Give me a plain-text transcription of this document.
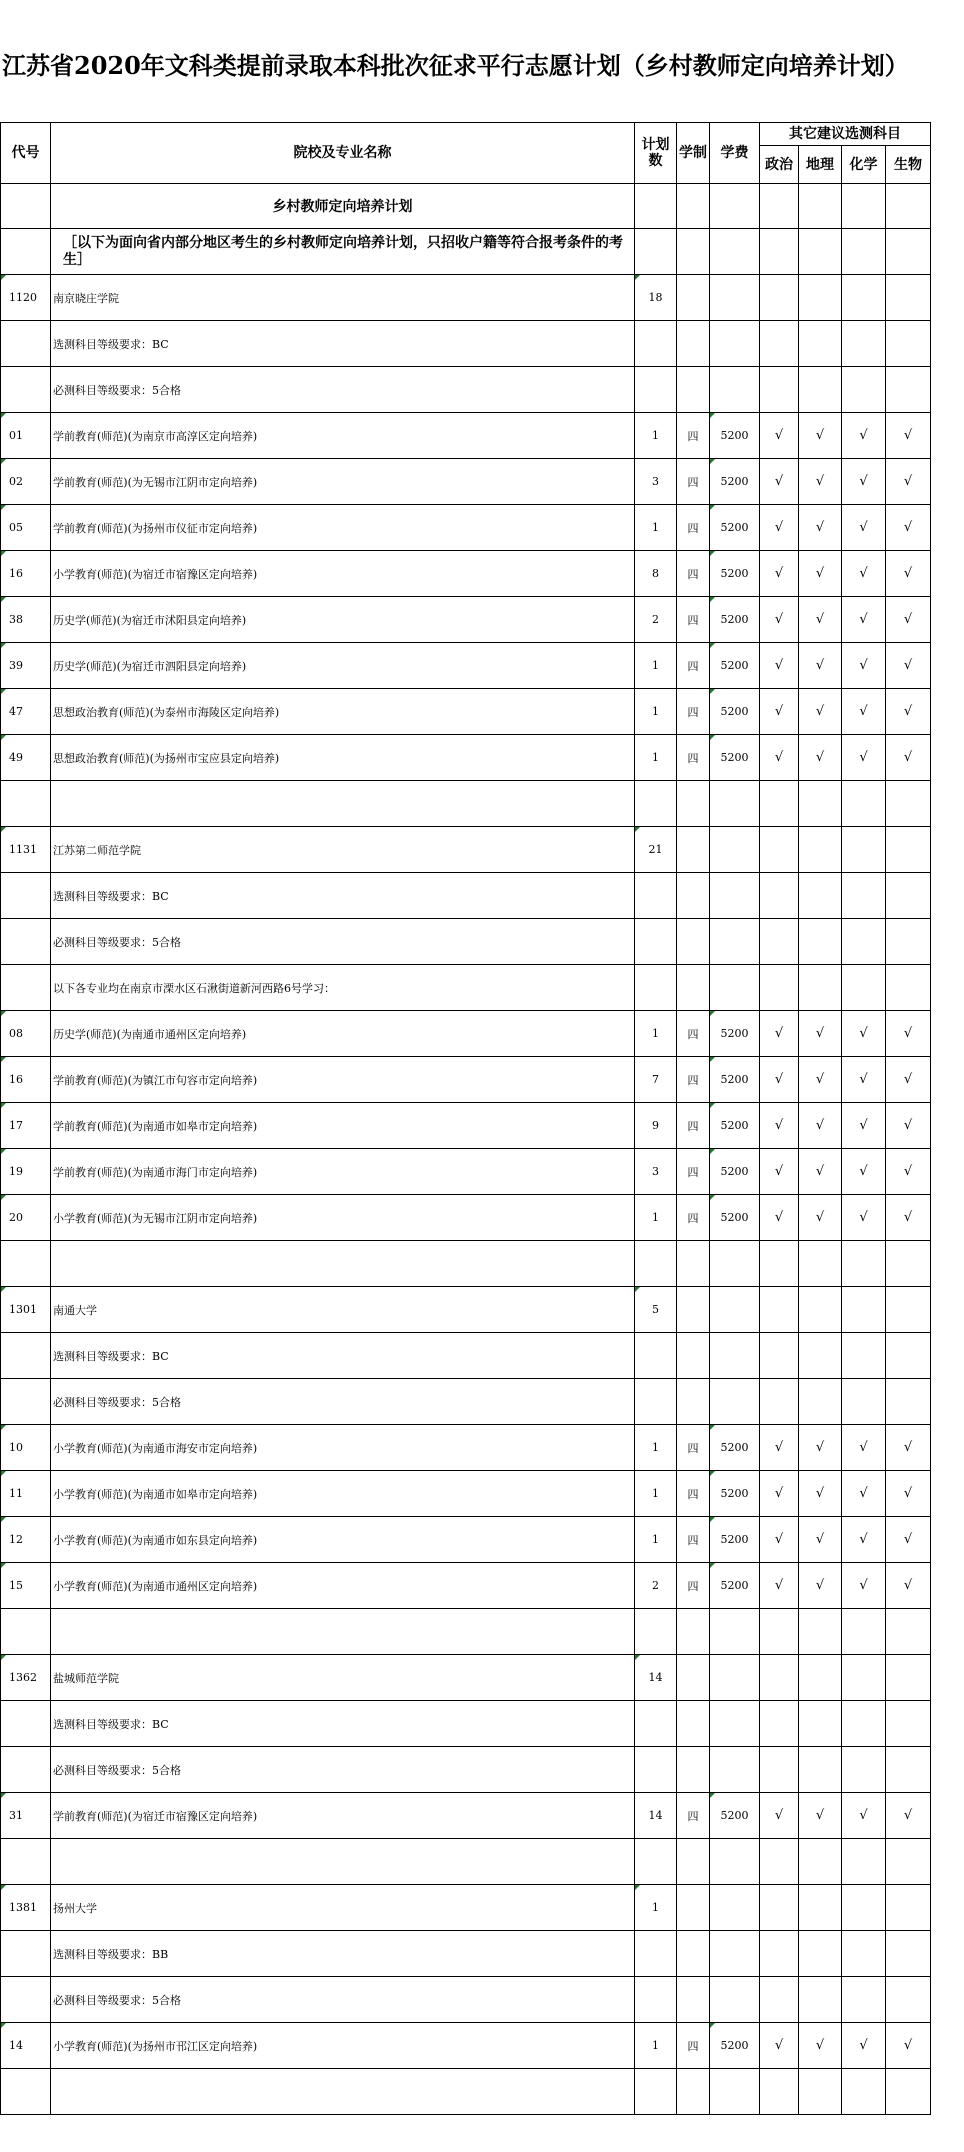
江苏省2020年文科类提前录取本科批次征求平行志愿计划（乡村教师定向培养计划）
代号	院校及专业名称	计划数	学制	学费	其它建议选测科目			
					政治	地理	化学	生物
	乡村教师定向培养计划							
	［以下为面向省内部分地区考生的乡村教师定向培养计划，只招收户籍等符合报考条件的考生］							
1120	南京晓庄学院	18						
	选测科目等级要求：BC							
	必测科目等级要求：5合格							
01	学前教育(师范)(为南京市高淳区定向培养)	1	四	5200	√	√	√	√
02	学前教育(师范)(为无锡市江阴市定向培养)	3	四	5200	√	√	√	√
05	学前教育(师范)(为扬州市仪征市定向培养)	1	四	5200	√	√	√	√
16	小学教育(师范)(为宿迁市宿豫区定向培养)	8	四	5200	√	√	√	√
38	历史学(师范)(为宿迁市沭阳县定向培养)	2	四	5200	√	√	√	√
39	历史学(师范)(为宿迁市泗阳县定向培养)	1	四	5200	√	√	√	√
47	思想政治教育(师范)(为泰州市海陵区定向培养)	1	四	5200	√	√	√	√
49	思想政治教育(师范)(为扬州市宝应县定向培养)	1	四	5200	√	√	√	√

1131	江苏第二师范学院	21						
	选测科目等级要求：BC							
	必测科目等级要求：5合格							
	以下各专业均在南京市溧水区石湫街道新河西路6号学习：							
08	历史学(师范)(为南通市通州区定向培养)	1	四	5200	√	√	√	√
16	学前教育(师范)(为镇江市句容市定向培养)	7	四	5200	√	√	√	√
17	学前教育(师范)(为南通市如皋市定向培养)	9	四	5200	√	√	√	√
19	学前教育(师范)(为南通市海门市定向培养)	3	四	5200	√	√	√	√
20	小学教育(师范)(为无锡市江阴市定向培养)	1	四	5200	√	√	√	√

1301	南通大学	5						
	选测科目等级要求：BC							
	必测科目等级要求：5合格							
10	小学教育(师范)(为南通市海安市定向培养)	1	四	5200	√	√	√	√
11	小学教育(师范)(为南通市如皋市定向培养)	1	四	5200	√	√	√	√
12	小学教育(师范)(为南通市如东县定向培养)	1	四	5200	√	√	√	√
15	小学教育(师范)(为南通市通州区定向培养)	2	四	5200	√	√	√	√

1362	盐城师范学院	14						
	选测科目等级要求：BC							
	必测科目等级要求：5合格							
31	学前教育(师范)(为宿迁市宿豫区定向培养)	14	四	5200	√	√	√	√

1381	扬州大学	1						
	选测科目等级要求：BB							
	必测科目等级要求：5合格							
14	小学教育(师范)(为扬州市邗江区定向培养)	1	四	5200	√	√	√	√
